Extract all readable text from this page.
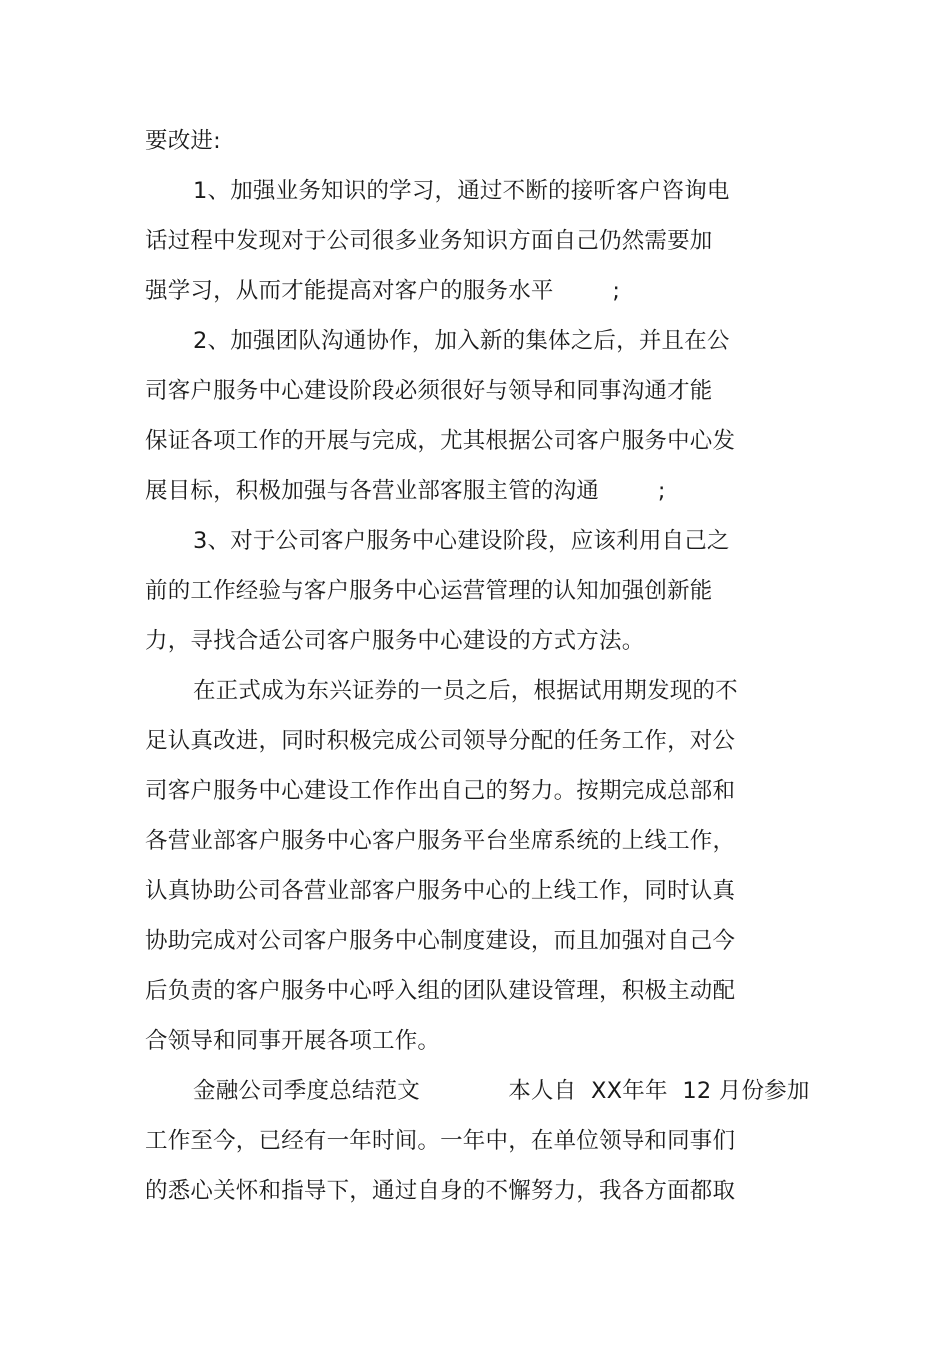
要改进:
1、加强业务知识的学习，通过不断的接听客户咨询电
话过程中发现对于公司很多业务知识方面自己仍然需要加
强学习，从而才能提高对客户的服务水平        ;
2、加强团队沟通协作，加入新的集体之后，并且在公
司客户服务中心建设阶段必须很好与领导和同事沟通才能
保证各项工作的开展与完成，尤其根据公司客户服务中心发
展目标，积极加强与各营业部客服主管的沟通        ;
3、对于公司客户服务中心建设阶段，应该利用自己之
前的工作经验与客户服务中心运营管理的认知加强创新能
力，寻找合适公司客户服务中心建设的方式方法。
在正式成为东兴证券的一员之后，根据试用期发现的不
足认真改进，同时积极完成公司领导分配的任务工作，对公
司客户服务中心建设工作作出自己的努力。按期完成总部和
各营业部客户服务中心客户服务平台坐席系统的上线工作，
认真协助公司各营业部客户服务中心的上线工作，同时认真
协助完成对公司客户服务中心制度建设，而且加强对自己今
后负责的客户服务中心呼入组的团队建设管理，积极主动配
合领导和同事开展各项工作。
金融公司季度总结范文            本人自  XX年年  12 月份参加
工作至今，已经有一年时间。一年中，在单位领导和同事们
的悉心关怀和指导下，通过自身的不懈努力，我各方面都取
